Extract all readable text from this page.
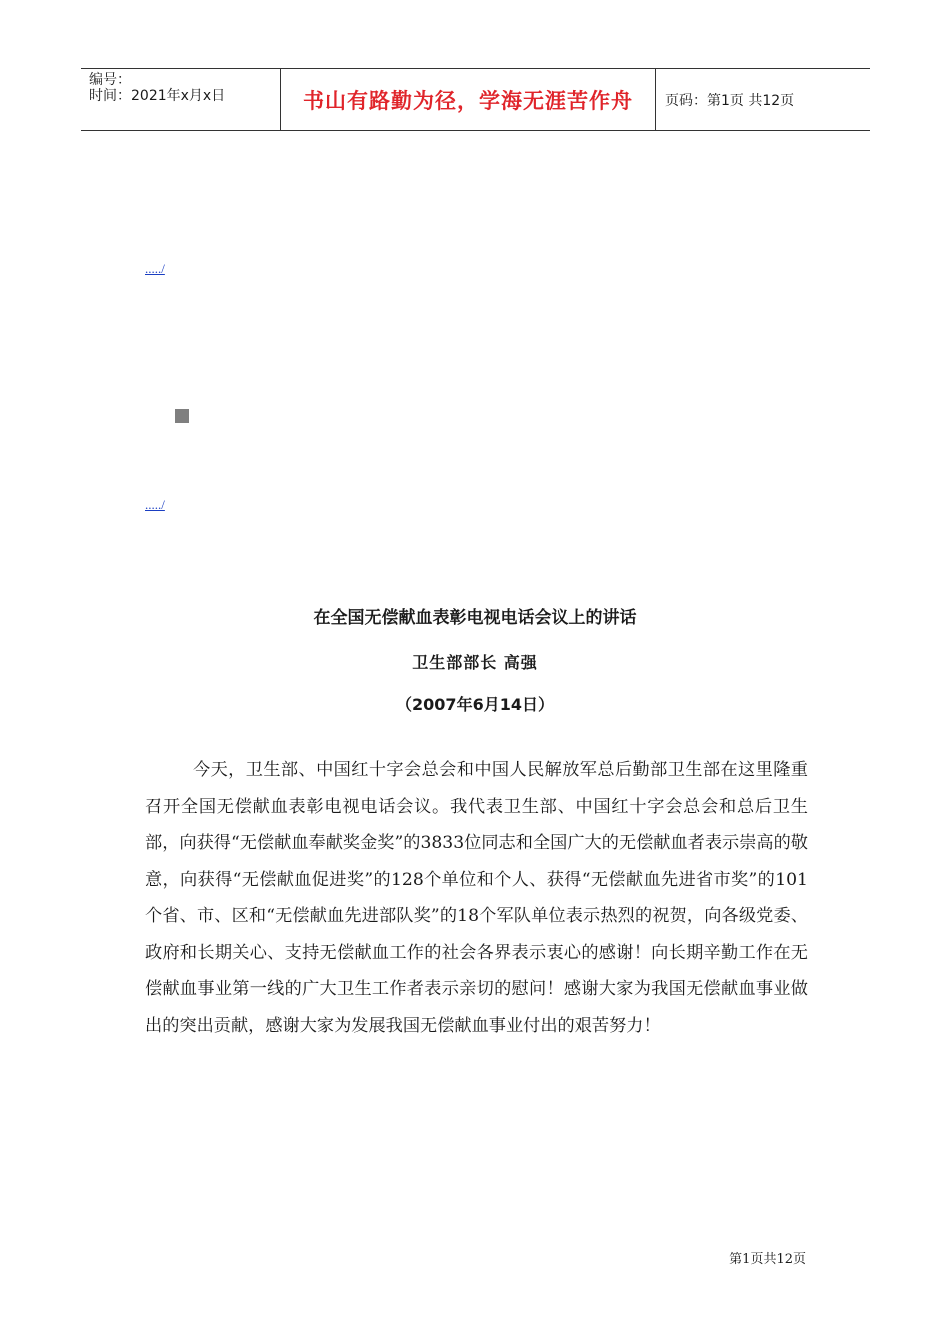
编号：
时间：2021年x月x日	书山有路勤为径，学海无涯苦作舟 页码：第1页 共12页
...../
...../
在全国无偿献血表彰电视电话会议上的讲话
卫生部部长 高强
（2007年6月14日）

今天，卫生部、中国红十字会总会和中国人民解放军总后勤部卫生部在这里隆重召开全国无偿献血表彰电视电话会议。我代表卫生部、中国红十字会总会和总后卫生部，向获得“无偿献血奉献奖金奖”的3833位同志和全国广大的无偿献血者表示崇高的敬意，向获得“无偿献血促进奖”的128个单位和个人、获得“无偿献血先进省市奖”的101个省、市、区和“无偿献血先进部队奖”的18个军队单位表示热烈的祝贺，向各级党委、政府和长期关心、支持无偿献血工作的社会各界表示衷心的感谢！向长期辛勤工作在无偿献血事业第一线的广大卫生工作者表示亲切的慰问！感谢大家为我国无偿献血事业做出的突出贡献，感谢大家为发展我国无偿献血事业付出的艰苦努力！

第1页共12页
